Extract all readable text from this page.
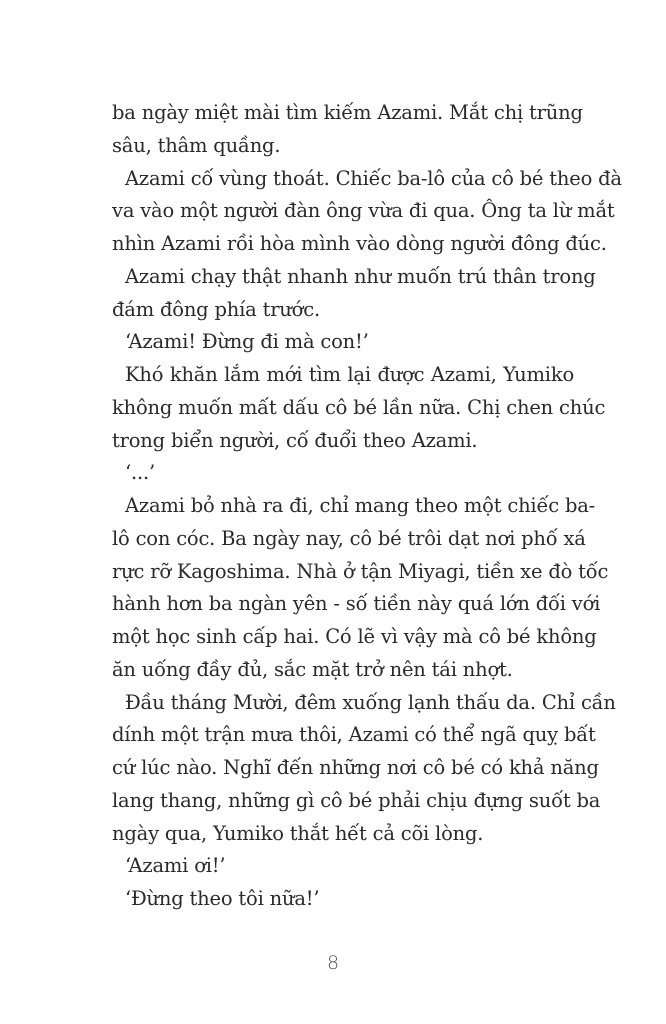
ba ngày miệt mài tìm kiếm Azami. Mắt chị trũng
sâu, thâm quầng.
Azami cố vùng thoát. Chiếc ba-lô của cô bé theo đà
va vào một người đàn ông vừa đi qua. Ông ta lừ mắt
nhìn Azami rồi hòa mình vào dòng người đông đúc.
Azami chạy thật nhanh như muốn trú thân trong
đám đông phía trước.
‘Azami! Đừng đi mà con!’
Khó khăn lắm mới tìm lại được Azami, Yumiko
không muốn mất dấu cô bé lần nữa. Chị chen chúc
trong biển người, cố đuổi theo Azami.
‘...’
Azami bỏ nhà ra đi, chỉ mang theo một chiếc ba-
lô con cóc. Ba ngày nay, cô bé trôi dạt nơi phố xá
rực rỡ Kagoshima. Nhà ở tận Miyagi, tiền xe đò tốc
hành hơn ba ngàn yên - số tiền này quá lớn đối với
một học sinh cấp hai. Có lẽ vì vậy mà cô bé không
ăn uống đầy đủ, sắc mặt trở nên tái nhợt.
Đầu tháng Mười, đêm xuống lạnh thấu da. Chỉ cần
dính một trận mưa thôi, Azami có thể ngã quỵ bất
cứ lúc nào. Nghĩ đến những nơi cô bé có khả năng
lang thang, những gì cô bé phải chịu đựng suốt ba
ngày qua, Yumiko thắt hết cả cõi lòng.
‘Azami ơi!’
‘Đừng theo tôi nữa!’
8
